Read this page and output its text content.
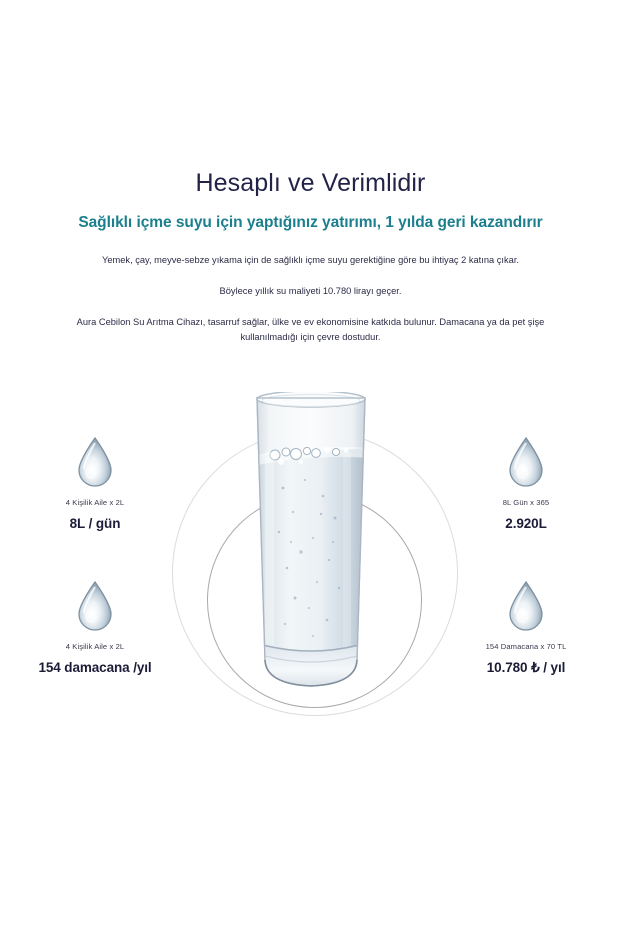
Hesaplı ve Verimlidir
Sağlıklı içme suyu için yaptığınız yatırımı, 1 yılda geri kazandırır

Yemek, çay, meyve-sebze yıkama için de sağlıklı içme suyu gerektiğine göre bu ihtiyaç 2 katına çıkar.

Böylece yıllık su maliyeti 10.780 lirayı geçer.

Aura Cebilon Su Arıtma Cihazı, tasarruf sağlar, ülke ve ev ekonomisine katkıda bulunur. Damacana ya da pet şişe kullanılmadığı için çevre dostudur.

4 Kişilik Aile x 2L
8L / gün
8L Gün x 365
2.920L
4 Kişilik Aile x 2L
154 damacana /yıl
154 Damacana x 70 TL
10.780 ₺ / yıl
